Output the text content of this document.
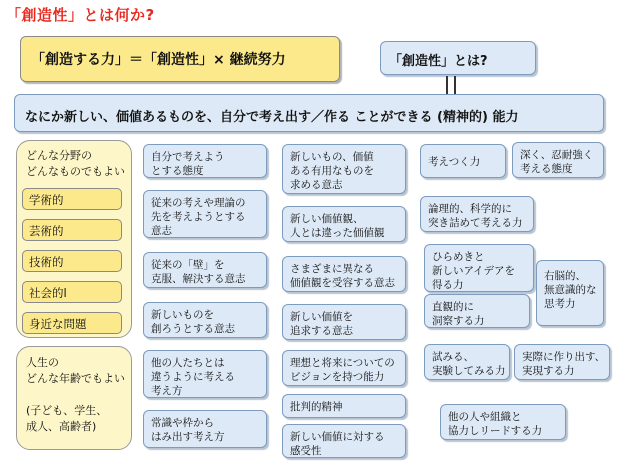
「創造性」とは何か?
「創造する力」＝「創造性」× 継続努力	「創造性」とは?
なにか新しい、価値あるものを、自分で考え出す／作る ことができる (精神的) 能力
どんな分野の
どんなものでもよい
学術的
芸術的
技術的
社会的l
身近な問題
人生の
どんな年齢でもよい
(子ども、学生、
成人、高齢者)
自分で考えよう
とする態度
従来の考えや理論の
先を考えようとする
意志
従来の「壁」を
克服、解決する意志
新しいものを
創ろうとする意志
他の人たちとは
違うように考える
考え方
常識や枠から
はみ出す考え方
新しいもの、価値
ある有用なものを
求める意志
新しい価値観、
人とは違った価値観
さまざまに異なる
価値観を受容する意志
新しい価値を
追求する意志
理想と将来についての
ビジョンを持つ能力
批判的精神
新しい価値に対する
感受性
考えつく力
論理的、科学的に
突き詰めて考える力
ひらめきと
新しいアイデアを
得る力
直観的に
洞察する力
試みる、
実験してみる力
他の人や組織と
協力しリードする力
深く、忍耐強く
考える態度
右脳的、
無意識的な
思考力
実際に作り出す、
実現する力
